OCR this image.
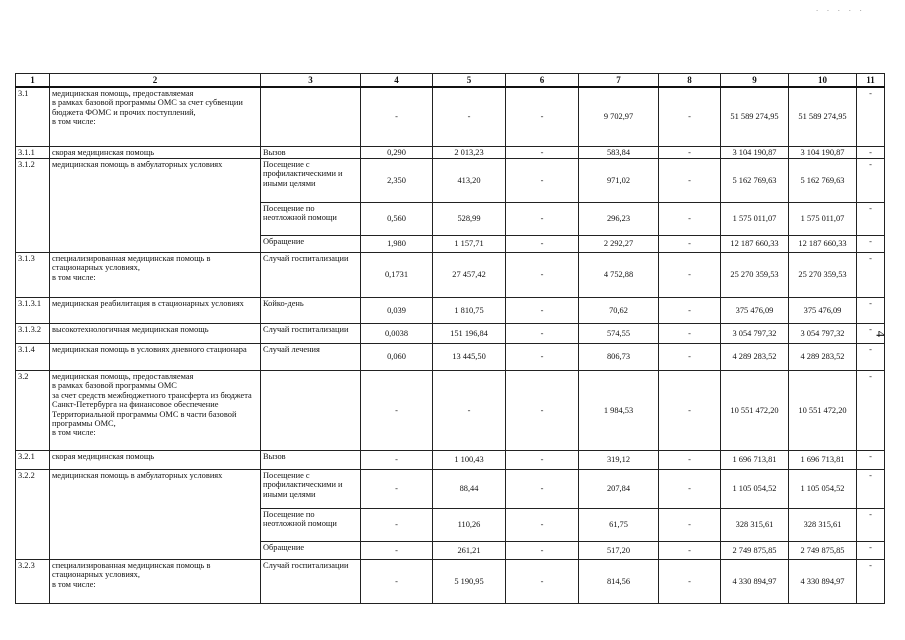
· · · · ·
4
1	2	3	4	5	6	7	8	9	10	11
3.1	медицинская помощь, предоставляемая
в рамках базовой программы ОМС за счет субвенции бюджета ФОМС и прочих поступлений,
в том числе:		-	-	-	9 702,97	-	51 589 274,95	51 589 274,95	-
3.1.1	скорая медицинская помощь	Вызов	0,290	2 013,23	-	583,84	-	3 104 190,87	3 104 190,87	-
3.1.2	медицинская помощь в амбулаторных условиях	Посещение с профилактическими и иными целями	2,350	413,20	-	971,02	-	5 162 769,63	5 162 769,63	-
		Посещение по неотложной помощи	0,560	528,99	-	296,23	-	1 575 011,07	1 575 011,07	-
		Обращение	1,980	1 157,71	-	2 292,27	-	12 187 660,33	12 187 660,33	-
3.1.3	специализированная медицинская помощь в стационарных условиях,
в том числе:	Случай госпитализации	0,1731	27 457,42	-	4 752,88	-	25 270 359,53	25 270 359,53	-
3.1.3.1	медицинская реабилитация в стационарных условиях	Койко-день	0,039	1 810,75	-	70,62	-	375 476,09	375 476,09	-
3.1.3.2	высокотехнологичная медицинская помощь	Случай госпитализации	0,0038	151 196,84	-	574,55	-	3 054 797,32	3 054 797,32	-
3.1.4	медицинская помощь в условиях дневного стационара	Случай лечения	0,060	13 445,50	-	806,73	-	4 289 283,52	4 289 283,52	-
3.2	медицинская помощь, предоставляемая
в рамках базовой программы ОМС
за счет средств межбюджетного трансферта из бюджета Санкт-Петербурга на финансовое обеспечение Территориальной программы ОМС в части базовой программы ОМС,
в том числе:		-	-	-	1 984,53	-	10 551 472,20	10 551 472,20	-
3.2.1	скорая медицинская помощь	Вызов	-	1 100,43	-	319,12	-	1 696 713,81	1 696 713,81	-
3.2.2	медицинская помощь в амбулаторных условиях	Посещение с профилактическими и иными целями	-	88,44	-	207,84	-	1 105 054,52	1 105 054,52	-
		Посещение по неотложной помощи	-	110,26	-	61,75	-	328 315,61	328 315,61	-
		Обращение	-	261,21	-	517,20	-	2 749 875,85	2 749 875,85	-
3.2.3	специализированная медицинская помощь в стационарных условиях,
в том числе:	Случай госпитализации	-	5 190,95	-	814,56	-	4 330 894,97	4 330 894,97	-
